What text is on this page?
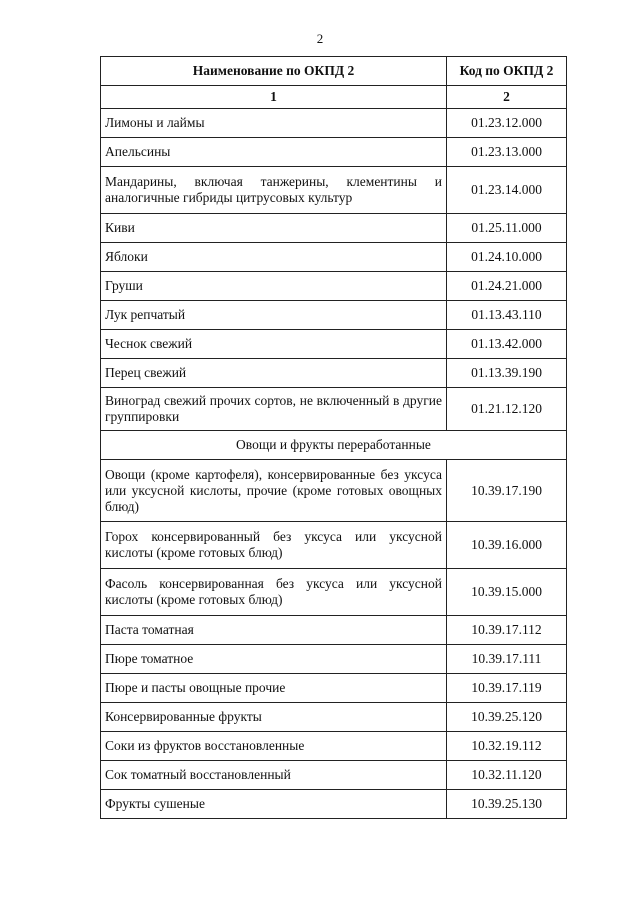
2
Наименование по ОКПД 2	Код по ОКПД 2
1	2
Лимоны и лаймы	01.23.12.000
Апельсины	01.23.13.000
Мандарины, включая танжерины, клементины и аналогичные гибриды цитрусовых культур	01.23.14.000
Киви	01.25.11.000
Яблоки	01.24.10.000
Груши	01.24.21.000
Лук репчатый	01.13.43.110
Чеснок свежий	01.13.42.000
Перец свежий	01.13.39.190
Виноград свежий прочих сортов, не включенный в другие группировки	01.21.12.120
Овощи и фрукты переработанные	
Овощи (кроме картофеля), консервированные без уксуса или уксусной кислоты, прочие (кроме готовых овощных блюд)	10.39.17.190
Горох консервированный без уксуса или уксусной кислоты (кроме готовых блюд)	10.39.16.000
Фасоль консервированная без уксуса или уксусной кислоты (кроме готовых блюд)	10.39.15.000
Паста томатная	10.39.17.112
Пюре томатное	10.39.17.111
Пюре и пасты овощные прочие	10.39.17.119
Консервированные фрукты	10.39.25.120
Соки из фруктов восстановленные	10.32.19.112
Сок томатный восстановленный	10.32.11.120
Фрукты сушеные	10.39.25.130
